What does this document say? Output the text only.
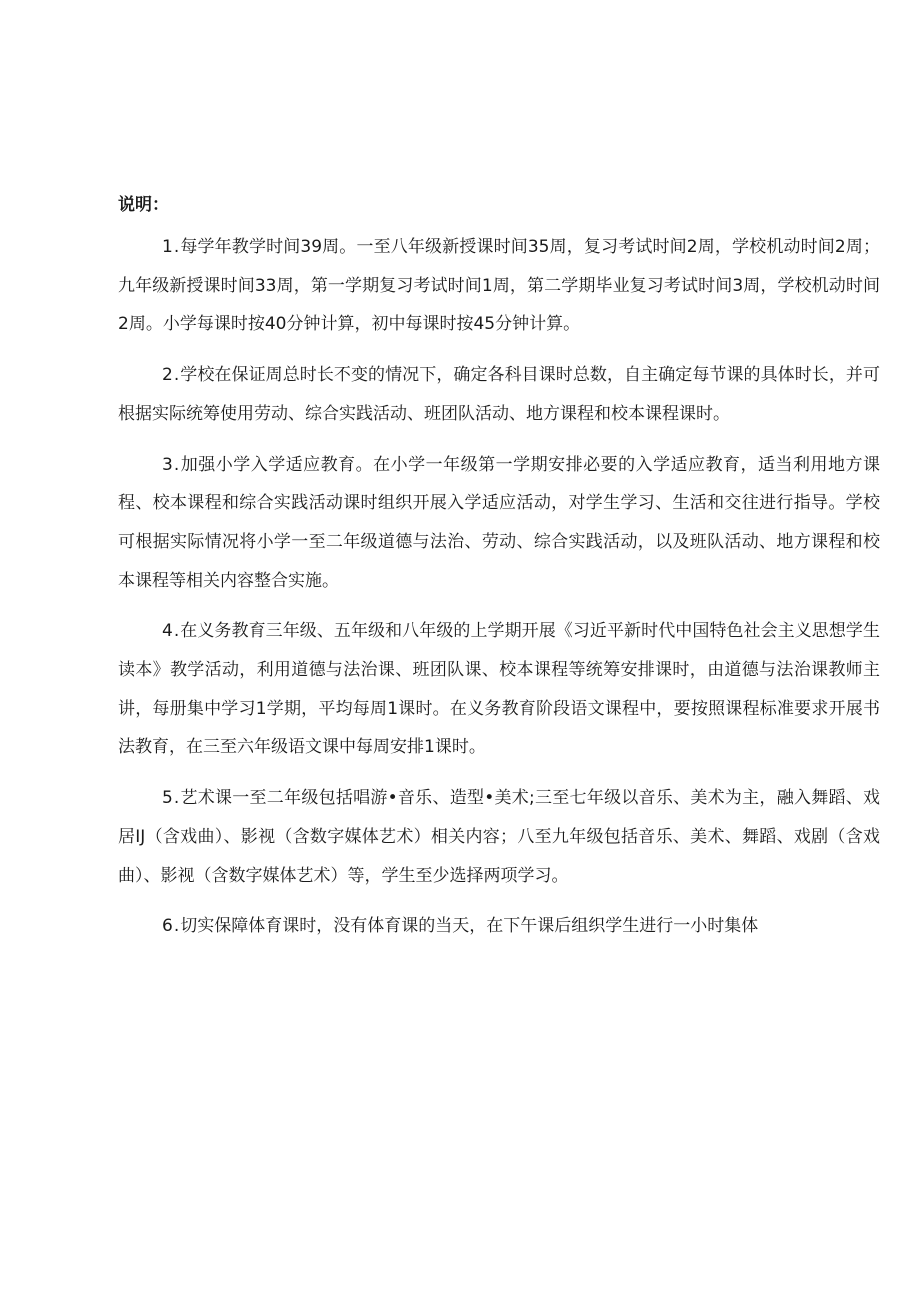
说明：

1.每学年教学时间39周。一至八年级新授课时间35周，复习考试时间2周，学校机动时间2周；九年级新授课时间33周，第一学期复习考试时间1周，第二学期毕业复习考试时间3周，学校机动时间2周。小学每课时按40分钟计算，初中每课时按45分钟计算。

2.学校在保证周总时长不变的情况下，确定各科目课时总数，自主确定每节课的具体时长，并可根据实际统筹使用劳动、综合实践活动、班团队活动、地方课程和校本课程课时。

3.加强小学入学适应教育。在小学一年级第一学期安排必要的入学适应教育，适当利用地方课程、校本课程和综合实践活动课时组织开展入学适应活动，对学生学习、生活和交往进行指导。学校可根据实际情况将小学一至二年级道德与法治、劳动、综合实践活动，以及班队活动、地方课程和校本课程等相关内容整合实施。

4.在义务教育三年级、五年级和八年级的上学期开展《习近平新时代中国特色社会主义思想学生读本》教学活动，利用道德与法治课、班团队课、校本课程等统筹安排课时，由道德与法治课教师主讲，每册集中学习1学期，平均每周1课时。在义务教育阶段语文课程中，要按照课程标准要求开展书法教育，在三至六年级语文课中每周安排1课时。

5.艺术课一至二年级包括唱游•音乐、造型•美术;三至七年级以音乐、美术为主，融入舞蹈、戏居IJ（含戏曲）、影视（含数字媒体艺术）相关内容；八至九年级包括音乐、美术、舞蹈、戏剧（含戏曲）、影视（含数字媒体艺术）等，学生至少选择两项学习。

6.切实保障体育课时，没有体育课的当天，在下午课后组织学生进行一小时集体
